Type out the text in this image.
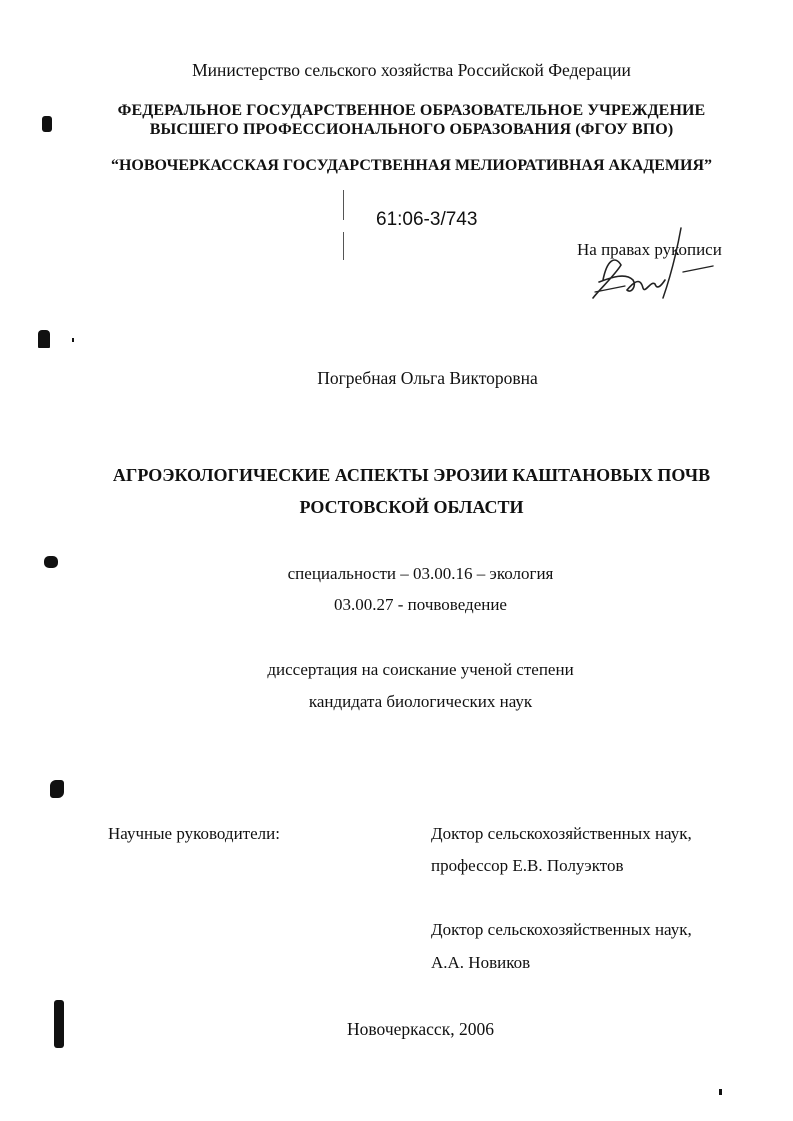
Министерство сельского хозяйства Российской Федерации
ФЕДЕРАЛЬНОЕ ГОСУДАРСТВЕННОЕ ОБРАЗОВАТЕЛЬНОЕ УЧРЕЖДЕНИЕ
ВЫСШЕГО ПРОФЕССИОНАЛЬНОГО ОБРАЗОВАНИЯ (ФГОУ ВПО)
“НОВОЧЕРКАССКАЯ ГОСУДАРСТВЕННАЯ МЕЛИОРАТИВНАЯ АКАДЕМИЯ”
61:06-3/743
На правах рукописи
Погребная Ольга Викторовна
АГРОЭКОЛОГИЧЕСКИЕ АСПЕКТЫ ЭРОЗИИ КАШТАНОВЫХ ПОЧВ
РОСТОВСКОЙ ОБЛАСТИ
специальности – 03.00.16 – экология
03.00.27 - почвоведение
диссертация на соискание ученой степени
кандидата биологических наук
Научные руководители:	Доктор сельскохозяйственных наук,
профессор Е.В. Полуэктов
Доктор сельскохозяйственных наук,
А.А. Новиков
Новочеркасск, 2006
